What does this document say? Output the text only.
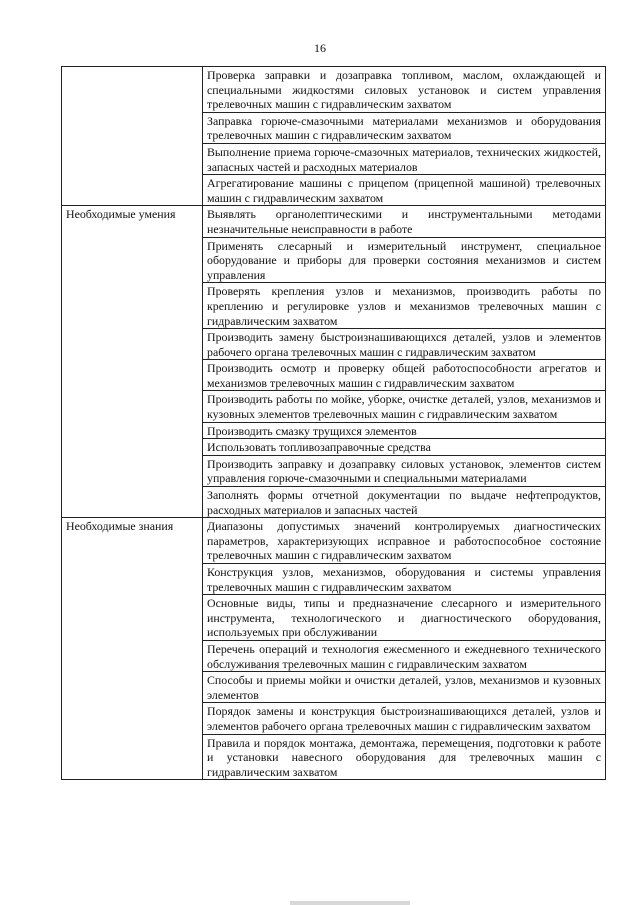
16
	Проверка заправки и дозаправка топливом, маслом, охлаждающей и специальными жидкостями силовых установок и систем управления трелевочных машин с гидравлическим захватом
	Заправка горюче-смазочными материалами механизмов и оборудования трелевочных машин с гидравлическим захватом
	Выполнение приема горюче-смазочных материалов, технических жидкостей, запасных частей и расходных материалов
	Агрегатирование машины с прицепом (прицепной машиной) трелевочных машин с гидравлическим захватом
Необходимые умения	Выявлять органолептическими и инструментальными методами незначительные неисправности в работе
	Применять слесарный и измерительный инструмент, специальное оборудование и приборы для проверки состояния механизмов и систем управления
	Проверять крепления узлов и механизмов, производить работы по креплению и регулировке узлов и механизмов трелевочных машин с гидравлическим захватом
	Производить замену быстроизнашивающихся деталей, узлов и элементов рабочего органа трелевочных машин с гидравлическим захватом
	Производить осмотр и проверку общей работоспособности агрегатов и механизмов трелевочных машин с гидравлическим захватом
	Производить работы по мойке, уборке, очистке деталей, узлов, механизмов и кузовных элементов трелевочных машин с гидравлическим захватом
	Производить смазку трущихся элементов
	Использовать топливозаправочные средства
	Производить заправку и дозаправку силовых установок, элементов систем управления горюче-смазочными и специальными материалами
	Заполнять формы отчетной документации по выдаче нефтепродуктов, расходных материалов и запасных частей
Необходимые знания	Диапазоны допустимых значений контролируемых диагностических параметров, характеризующих исправное и работоспособное состояние трелевочных машин с гидравлическим захватом
	Конструкция узлов, механизмов, оборудования и системы управления трелевочных машин с гидравлическим захватом
	Основные виды, типы и предназначение слесарного и измерительного инструмента, технологического и диагностического оборудования, используемых при обслуживании
	Перечень операций и технология ежесменного и ежедневного технического обслуживания трелевочных машин с гидравлическим захватом
	Способы и приемы мойки и очистки деталей, узлов, механизмов и кузовных элементов
	Порядок замены и конструкция быстроизнашивающихся деталей, узлов и элементов рабочего органа трелевочных машин с гидравлическим захватом
	Правила и порядок монтажа, демонтажа, перемещения, подготовки к работе и установки навесного оборудования для трелевочных машин с гидравлическим захватом
